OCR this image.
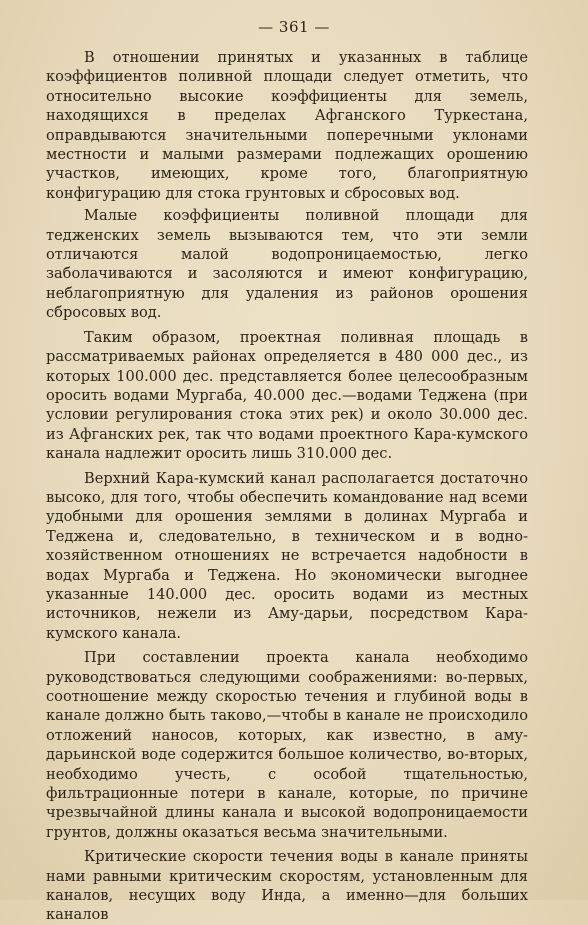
— 361 —

В отношении принятых и указанных в таблице коэффициентов поливной площади следует отметить, что относительно высокие коэффициенты для земель, находящихся в пределах Афганского Туркестана, оправдываются значительными поперечными уклонами местности и малыми размерами подлежащих орошению участков, имеющих, кроме того, благоприятную конфигурацию для стока грунтовых и сбросовых вод.

Малые коэффициенты поливной площади для тедженских земель вызываются тем, что эти земли отличаются малой водопроницаемостью, легко заболачиваются и засоляются и имеют конфигурацию, неблагоприятную для удаления из районов орошения сбросовых вод.

Таким образом, проектная поливная площадь в рассматриваемых районах определяется в 480 000 дес., из которых 100.000 дес. представляется более целесообразным оросить водами Мургаба, 40.000 дес.—водами Теджена (при условии регулирования стока этих рек) и около 30.000 дес. из Афганских рек, так что водами проектного Кара-кумского канала надлежит оросить лишь 310.000 дес.

Верхний Кара-кумский канал располагается достаточно высоко, для того, чтобы обеспечить командование над всеми удобными для орошения землями в долинах Мургаба и Теджена и, следовательно, в техническом и в водно-хозяйственном отношениях не встречается надобности в водах Мургаба и Теджена. Но экономически выгоднее указанные 140.000 дес. оросить водами из местных источников, нежели из Аму-дарьи, посредством Кара-кумского канала.

При составлении проекта канала необходимо руководствоваться следующими соображениями: во-первых, соотношение между скоростью течения и глубиной воды в канале должно быть таково,—чтобы в канале не происходило отложений наносов, которых, как известно, в аму-дарьинской воде содержится большое количество, во-вторых, необходимо учесть, с особой тщательностью, фильтрационные потери в канале, которые, по причине чрезвычайной длины канала и высокой водопроницаемости грунтов, должны оказаться весьма значительными.

Критические скорости течения воды в канале приняты нами равными критическим скоростям, установленным для каналов, несущих воду Инда, а именно—для больших каналов
